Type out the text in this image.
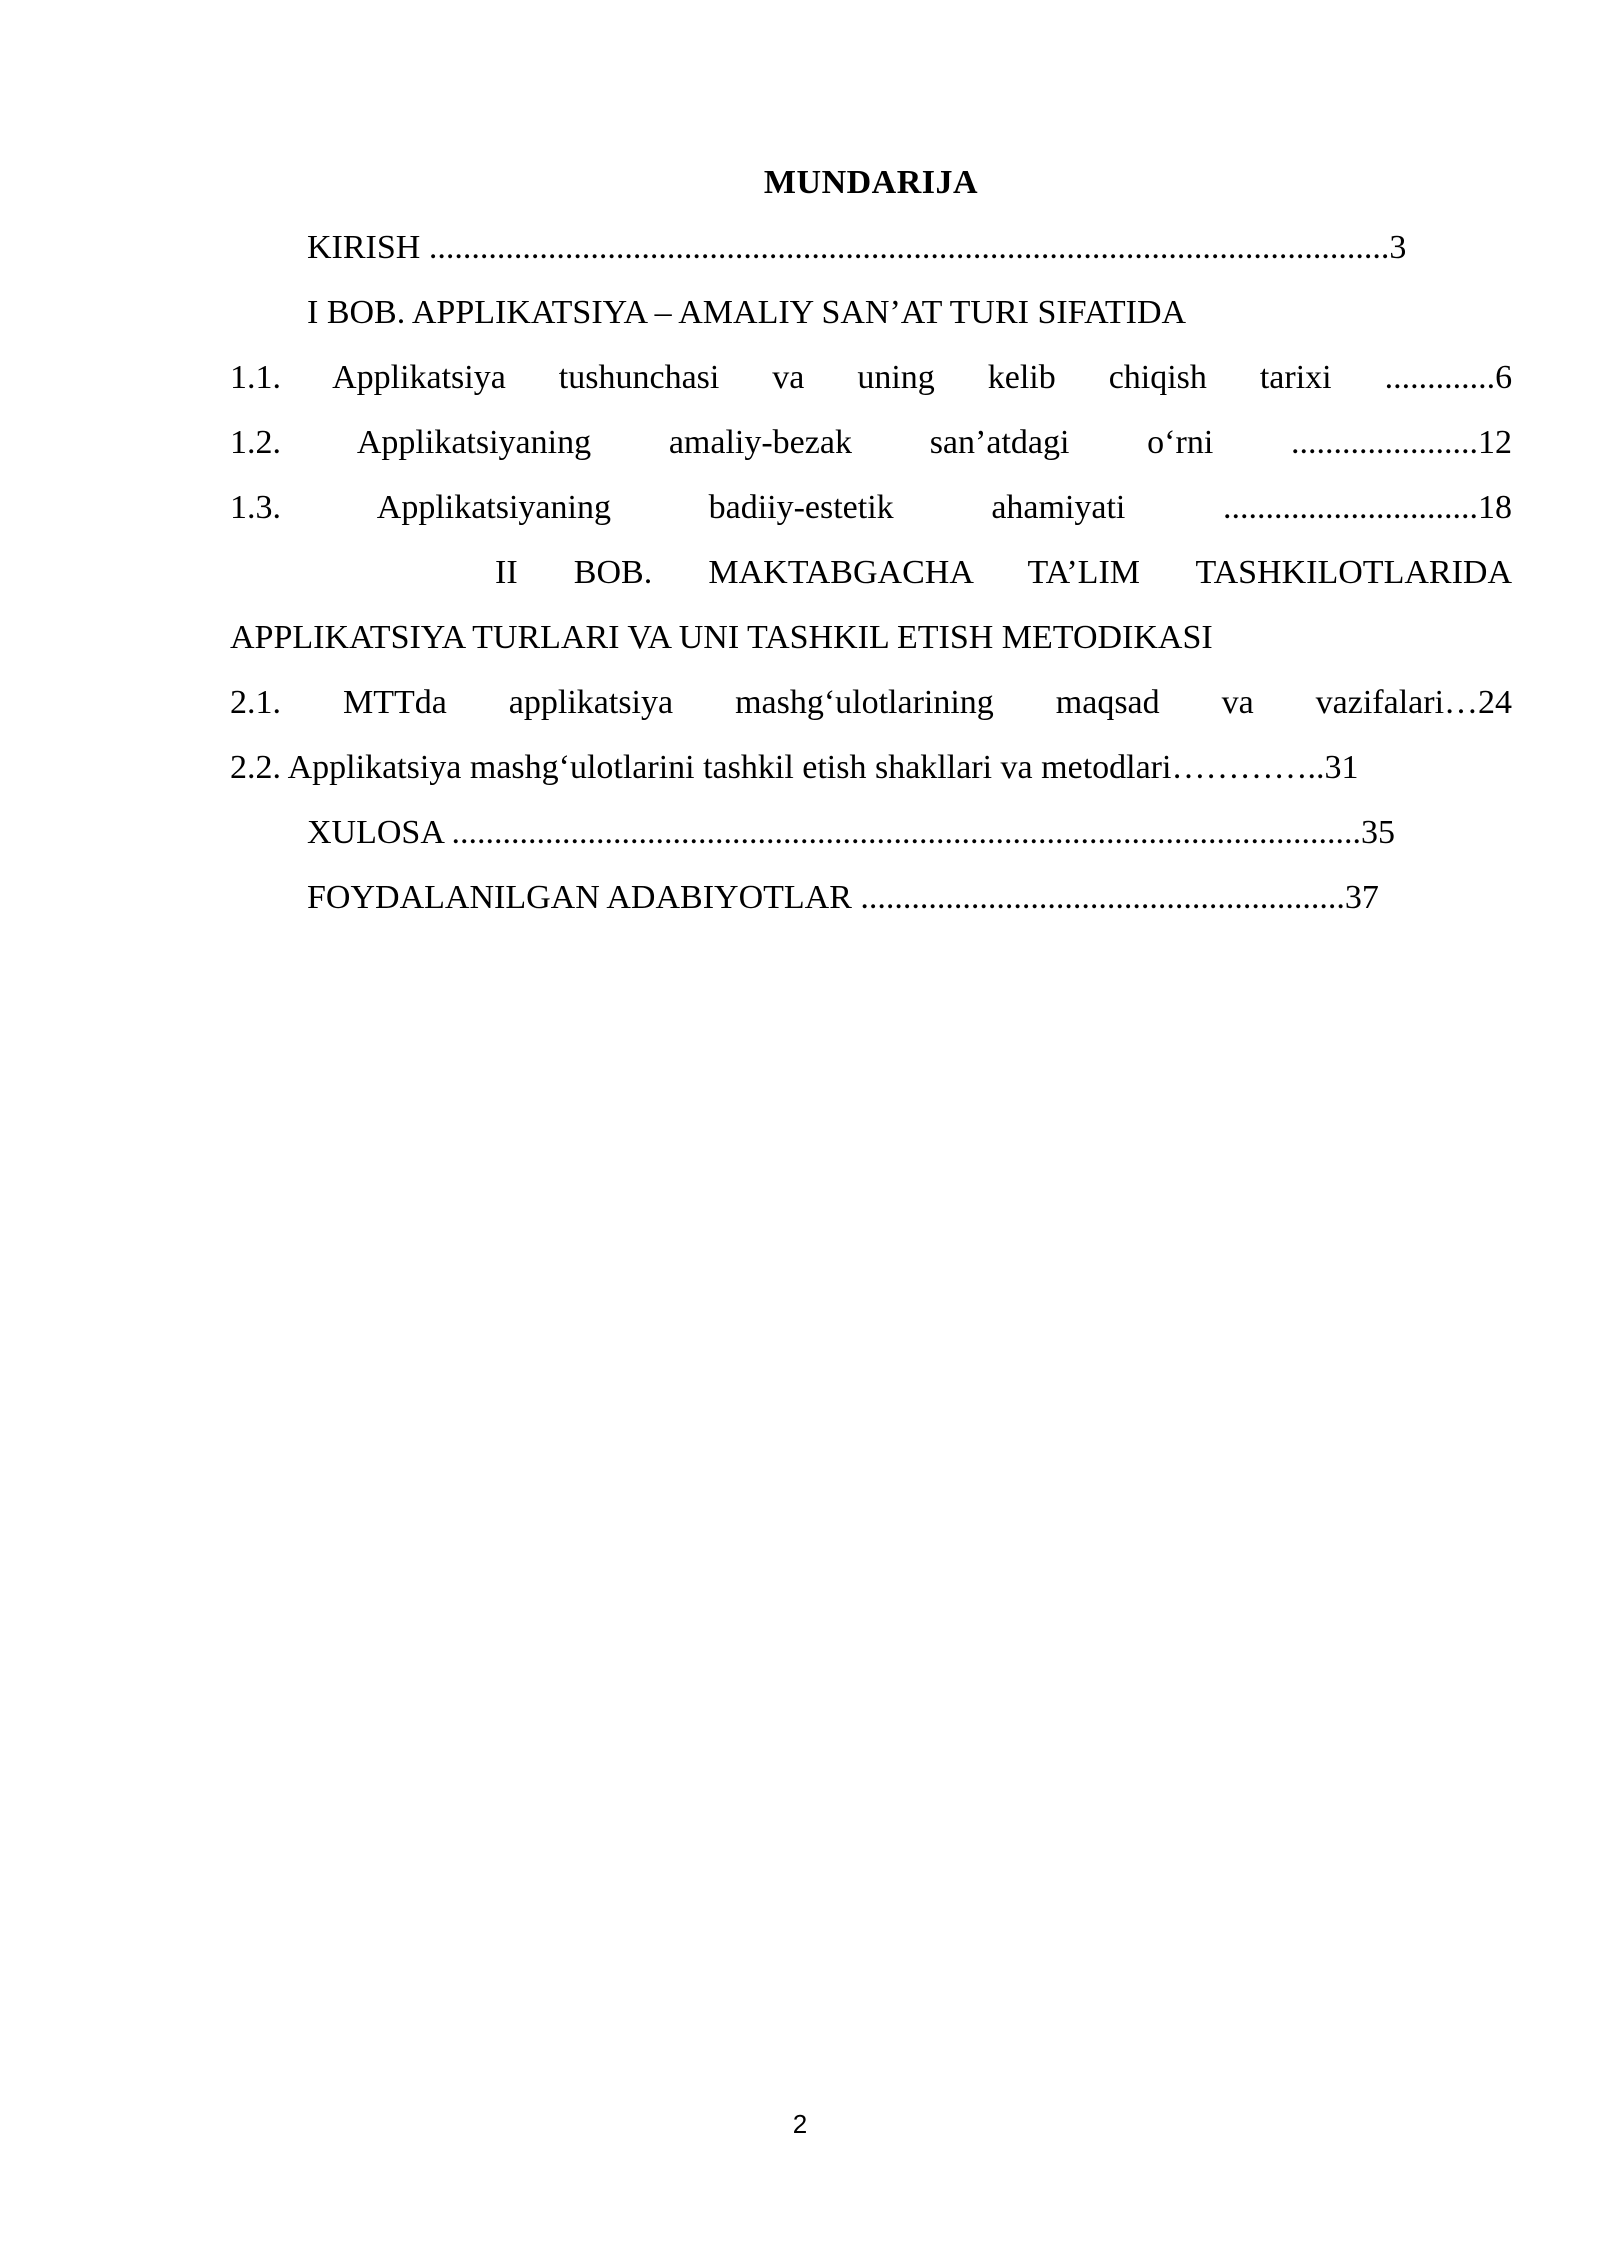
MUNDARIJA
KIRISH .................................................................................................................3
I BOB. APPLIKATSIYA – AMALIY SAN’AT TURI SIFATIDA
1.1. Applikatsiya tushunchasi va uning kelib chiqish tarixi .............6
1.2. Applikatsiyaning amaliy-bezak san’atdagi o‘rni ......................12
1.3.	Applikatsiyaning	badiiy-estetik	ahamiyati	..............................18
II BOB. MAKTABGACHA TA’LIM TASHKILOTLARIDA
APPLIKATSIYA TURLARI VA UNI TASHKIL ETISH METODIKASI
2.1. MTTda applikatsiya mashg‘ulotlarining maqsad va vazifalari…24
2.2. Applikatsiya mashg‘ulotlarini tashkil etish shakllari va metodlari…………..31
XULOSA ...........................................................................................................35
FOYDALANILGAN ADABIYOTLAR .........................................................37
2
